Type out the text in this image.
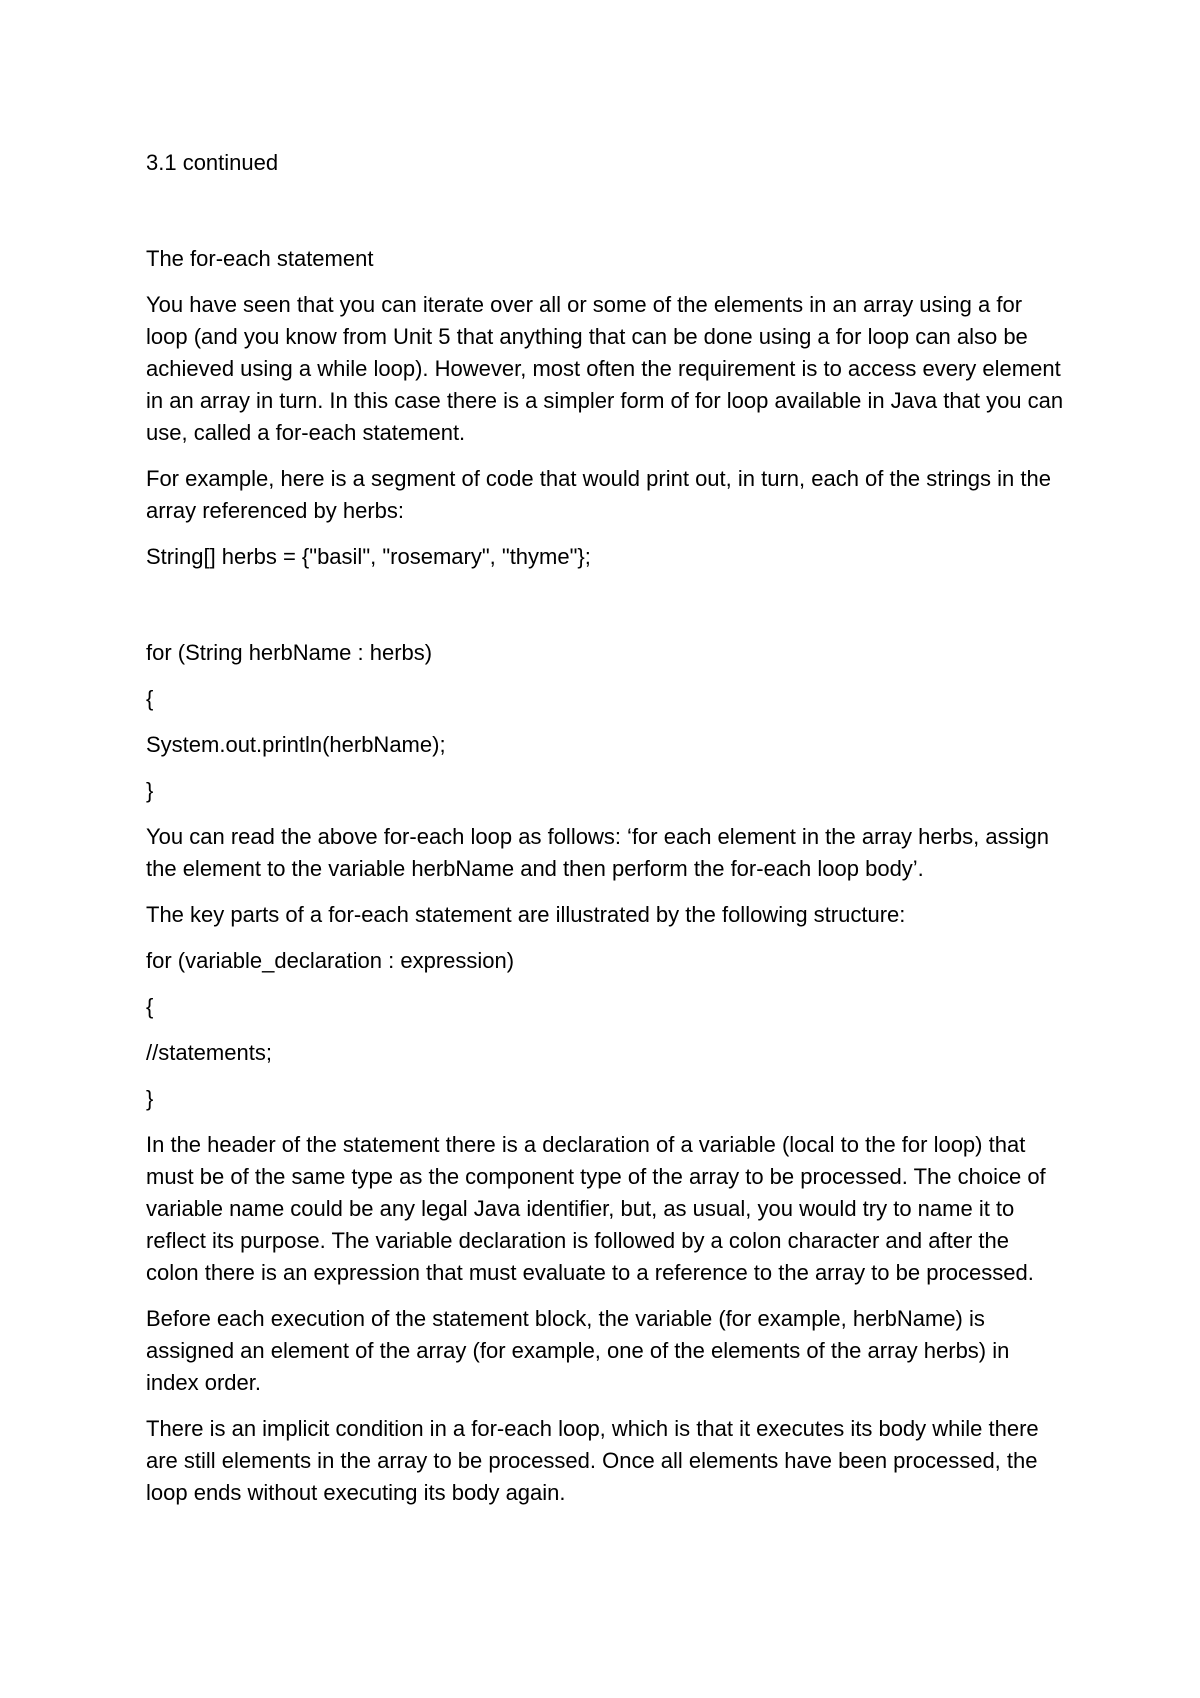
3.1 continued

The for-each statement

You have seen that you can iterate over all or some of the elements in an array using a for loop (and you know from Unit 5 that anything that can be done using a for loop can also be achieved using a while loop). However, most often the requirement is to access every element in an array in turn. In this case there is a simpler form of for loop available in Java that you can use, called a for-each statement.

For example, here is a segment of code that would print out, in turn, each of the strings in the array referenced by herbs:

String[] herbs = {"basil", "rosemary", "thyme"};

for (String herbName : herbs)

{

System.out.println(herbName);

}

You can read the above for-each loop as follows: ‘for each element in the array herbs, assign the element to the variable herbName and then perform the for-each loop body’.

The key parts of a for-each statement are illustrated by the following structure:

for (variable_declaration : expression)

{

//statements;

}

In the header of the statement there is a declaration of a variable (local to the for loop) that must be of the same type as the component type of the array to be processed. The choice of variable name could be any legal Java identifier, but, as usual, you would try to name it to reflect its purpose. The variable declaration is followed by a colon character and after the colon there is an expression that must evaluate to a reference to the array to be processed.

Before each execution of the statement block, the variable (for example, herbName) is assigned an element of the array (for example, one of the elements of the array herbs) in index order.

There is an implicit condition in a for-each loop, which is that it executes its body while there are still elements in the array to be processed. Once all elements have been processed, the loop ends without executing its body again.
